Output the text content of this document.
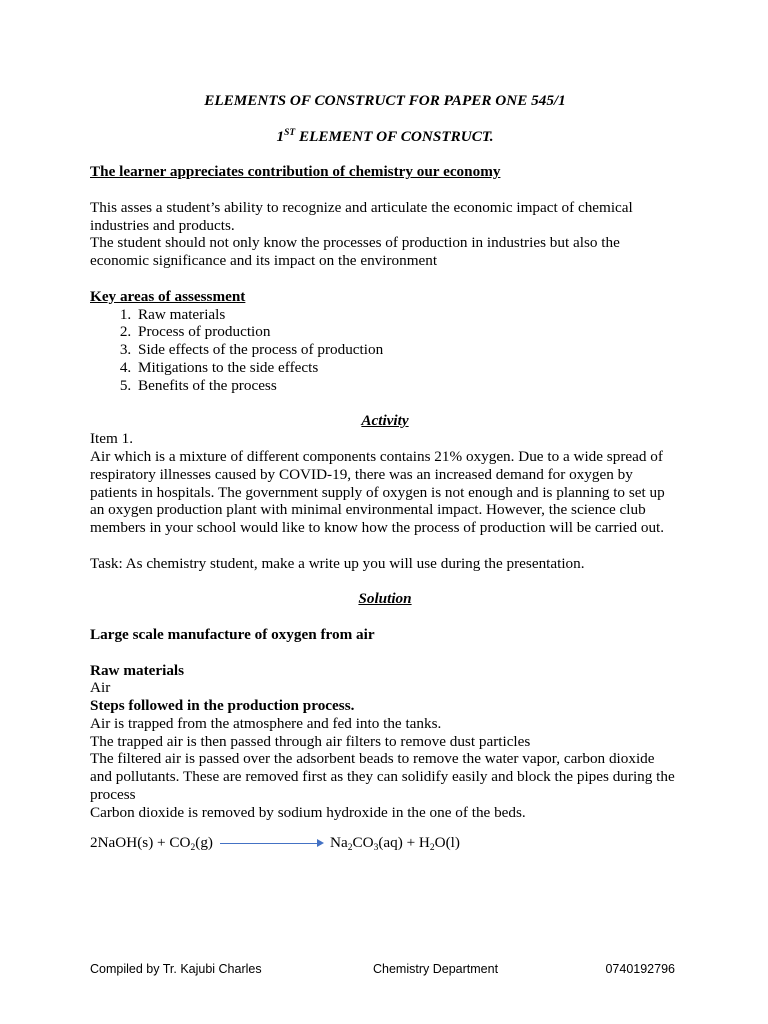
ELEMENTS OF CONSTRUCT FOR PAPER ONE 545/1

1ST ELEMENT OF CONSTRUCT.

The learner appreciates contribution of chemistry our economy

This asses a student’s ability to recognize and articulate the economic impact of chemical industries and products.

The student should not only know the processes of production in industries but also the economic significance and its impact on the environment

Key areas of assessment

1. Raw materials
2. Process of production
3. Side effects of the process of production
4. Mitigations to the side effects
5. Benefits of the process

Activity

Item 1.

Air which is a mixture of different components contains 21% oxygen. Due to a wide spread of respiratory illnesses caused by COVID-19, there was an increased demand for oxygen by patients in hospitals. The government supply of oxygen is not enough and is planning to set up an oxygen production plant with minimal environmental impact. However, the science club members in your school would like to know how the process of production will be carried out.

Task: As chemistry student, make a write up you will use during the presentation.

Solution

Large scale manufacture of oxygen from air

Raw materials

Air

Steps followed in the production process.

Air is trapped from the atmosphere and fed into the tanks.

The trapped air is then passed through air filters to remove dust particles

The filtered air is passed over the adsorbent beads to remove the water vapor, carbon dioxide and pollutants. These are removed first as they can solidify easily and block the pipes during the process

Carbon dioxide is removed by sodium hydroxide in the one of the beds.

2NaOH(s) + $CO_2(g)$	$Na_2CO_3(aq) + H_2O(l)$
Compiled by Tr. Kajubi Charles	Chemistry Department	0740192796
